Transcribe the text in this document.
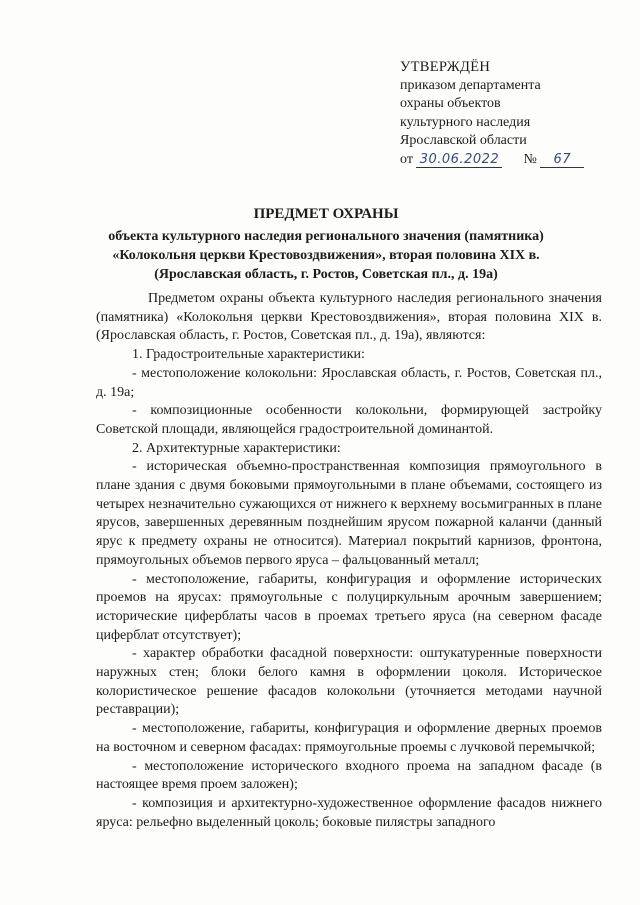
УТВЕРЖДЁН
приказом департамента
охраны объектов
культурного наследия
Ярославской области
от 30.06.2022 № 67
ПРЕДМЕТ ОХРАНЫ
объекта культурного наследия регионального значения (памятника)
«Колокольня церкви Крестовоздвижения», вторая половина XIX в.
(Ярославская область, г. Ростов, Советская пл., д. 19а)

Предметом охраны объекта культурного наследия регионального значения (памятника) «Колокольня церкви Крестовоздвижения», вторая половина XIX в. (Ярославская область, г. Ростов, Советская пл., д. 19а), являются:

1. Градостроительные характеристики:

- местоположение колокольни: Ярославская область, г. Ростов, Советская пл., д. 19а;

- композиционные особенности колокольни, формирующей застройку Советской площади, являющейся градостроительной доминантой.

2. Архитектурные характеристики:

- историческая объемно-пространственная композиция прямоугольного в плане здания с двумя боковыми прямоугольными в плане объемами, состоящего из четырех незначительно сужающихся от нижнего к верхнему восьмигранных в плане ярусов, завершенных деревянным позднейшим ярусом пожарной каланчи (данный ярус к предмету охраны не относится). Материал покрытий карнизов, фронтона, прямоугольных объемов первого яруса – фальцованный металл;

- местоположение, габариты, конфигурация и оформление исторических проемов на ярусах: прямоугольные с полуциркульным арочным завершением; исторические циферблаты часов в проемах третьего яруса (на северном фасаде циферблат отсутствует);

- характер обработки фасадной поверхности: оштукатуренные поверхности наружных стен; блоки белого камня в оформлении цоколя. Историческое колористическое решение фасадов колокольни (уточняется методами научной реставрации);

- местоположение, габариты, конфигурация и оформление дверных проемов на восточном и северном фасадах: прямоугольные проемы с лучковой перемычкой;

- местоположение исторического входного проема на западном фасаде (в настоящее время проем заложен);

- композиция и архитектурно-художественное оформление фасадов нижнего яруса: рельефно выделенный цоколь; боковые пилястры западного
